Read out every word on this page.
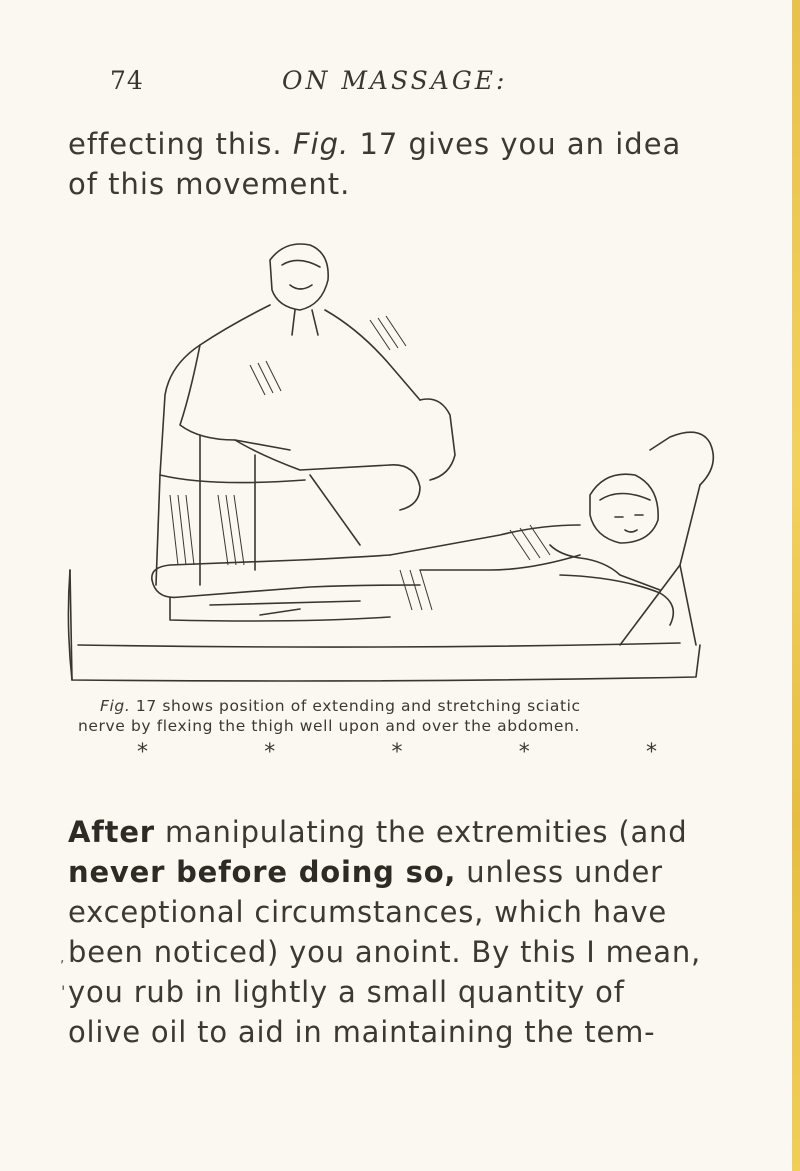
74	ON MASSAGE:

effecting this. Fig. 17 gives you an idea

of this movement.

Fig. 17 shows position of extending and stretching sciatic

nerve by flexing the thigh well upon and over the abdomen.

*	*	*	*	*

After manipulating the extremities (and

never before doing so, unless under

exceptional circumstances, which have

been noticed) you anoint. By this I mean,

you rub in lightly a small quantity of

olive oil to aid in maintaining the tem-

,
'
